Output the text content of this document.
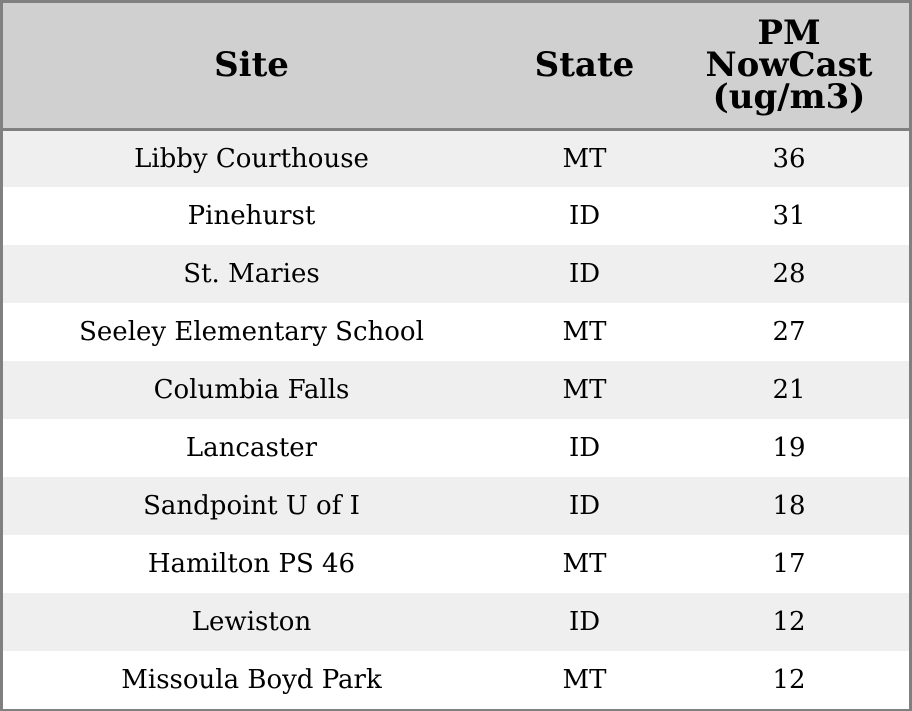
Site	State	PM
NowCast
(ug/m3)
Libby Courthouse	MT	36
Pinehurst	ID	31
St. Maries	ID	28
Seeley Elementary School	MT	27
Columbia Falls	MT	21
Lancaster	ID	19
Sandpoint U of I	ID	18
Hamilton PS 46	MT	17
Lewiston	ID	12
Missoula Boyd Park	MT	12
